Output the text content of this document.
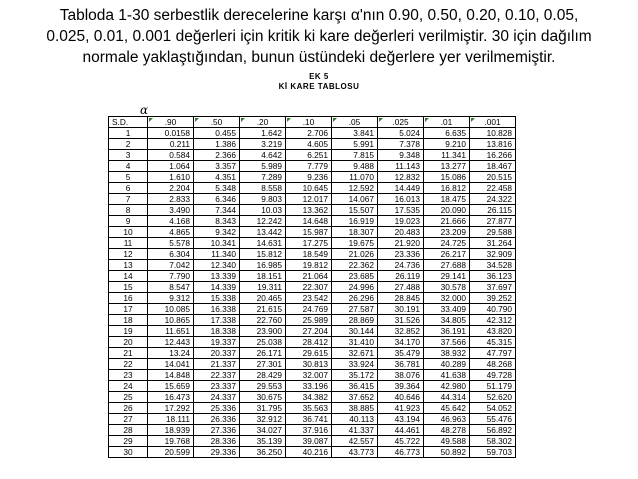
Tabloda 1-30 serbestlik derecelerine karşı α'nın 0.90, 0.50, 0.20, 0.10, 0.05,
0.025, 0.01, 0.001 değerleri için kritik ki kare değerleri verilmiştir. 30 için dağılım
normale yaklaştığından, bunun üstündeki değerlere yer verilmemiştir.
EK 5
Kİ KARE TABLOSU
α
S.D.	.90	.50	.20	.10	.05	.025	.01	.001
1	0.0158	0.455	1.642	2.706	3.841	5.024	6.635	10.828
2	0.211	1.386	3.219	4.605	5.991	7.378	9.210	13.816
3	0.584	2.366	4.642	6.251	7.815	9.348	11.341	16.266
4	1.064	3.357	5.989	7.779	9.488	11.143	13.277	18.467
5	1.610	4.351	7.289	9.236	11.070	12.832	15.086	20.515
6	2.204	5.348	8.558	10.645	12.592	14.449	16.812	22.458
7	2.833	6.346	9.803	12.017	14.067	16.013	18.475	24.322
8	3.490	7.344	10.03	13.362	15.507	17.535	20.090	26.115
9	4.168	8.343	12.242	14.648	16.919	19.023	21.666	27.877
10	4.865	9.342	13.442	15.987	18.307	20.483	23.209	29.588
11	5.578	10.341	14.631	17.275	19.675	21.920	24.725	31.264
12	6.304	11.340	15.812	18.549	21.026	23.336	26.217	32.909
13	7.042	12.340	16.985	19.812	22.362	24.736	27.688	34.528
14	7.790	13.339	18.151	21.064	23.685	26.119	29.141	36.123
15	8.547	14.339	19.311	22.307	24.996	27.488	30.578	37.697
16	9.312	15.338	20.465	23.542	26.296	28.845	32.000	39.252
17	10.085	16.338	21.615	24.769	27.587	30.191	33.409	40.790
18	10.865	17.338	22.760	25.989	28.869	31.526	34.805	42.312
19	11.651	18.338	23.900	27.204	30.144	32.852	36.191	43.820
20	12.443	19.337	25.038	28.412	31.410	34.170	37.566	45.315
21	13.24	20.337	26.171	29.615	32.671	35.479	38.932	47.797
22	14.041	21.337	27.301	30.813	33.924	36.781	40.289	48.268
23	14.848	22.337	28.429	32.007	35.172	38.076	41.638	49.728
24	15.659	23.337	29.553	33.196	36.415	39.364	42.980	51.179
25	16.473	24.337	30.675	34.382	37.652	40.646	44.314	52.620
26	17.292	25.336	31.795	35.563	38.885	41.923	45.642	54.052
27	18.111	26.336	32.912	36.741	40.113	43.194	46.963	55.476
28	18.939	27.336	34.027	37.916	41.337	44.461	48.278	56.892
29	19.768	28.336	35.139	39.087	42.557	45.722	49.588	58.302
30	20.599	29.336	36.250	40.216	43.773	46.773	50.892	59.703
